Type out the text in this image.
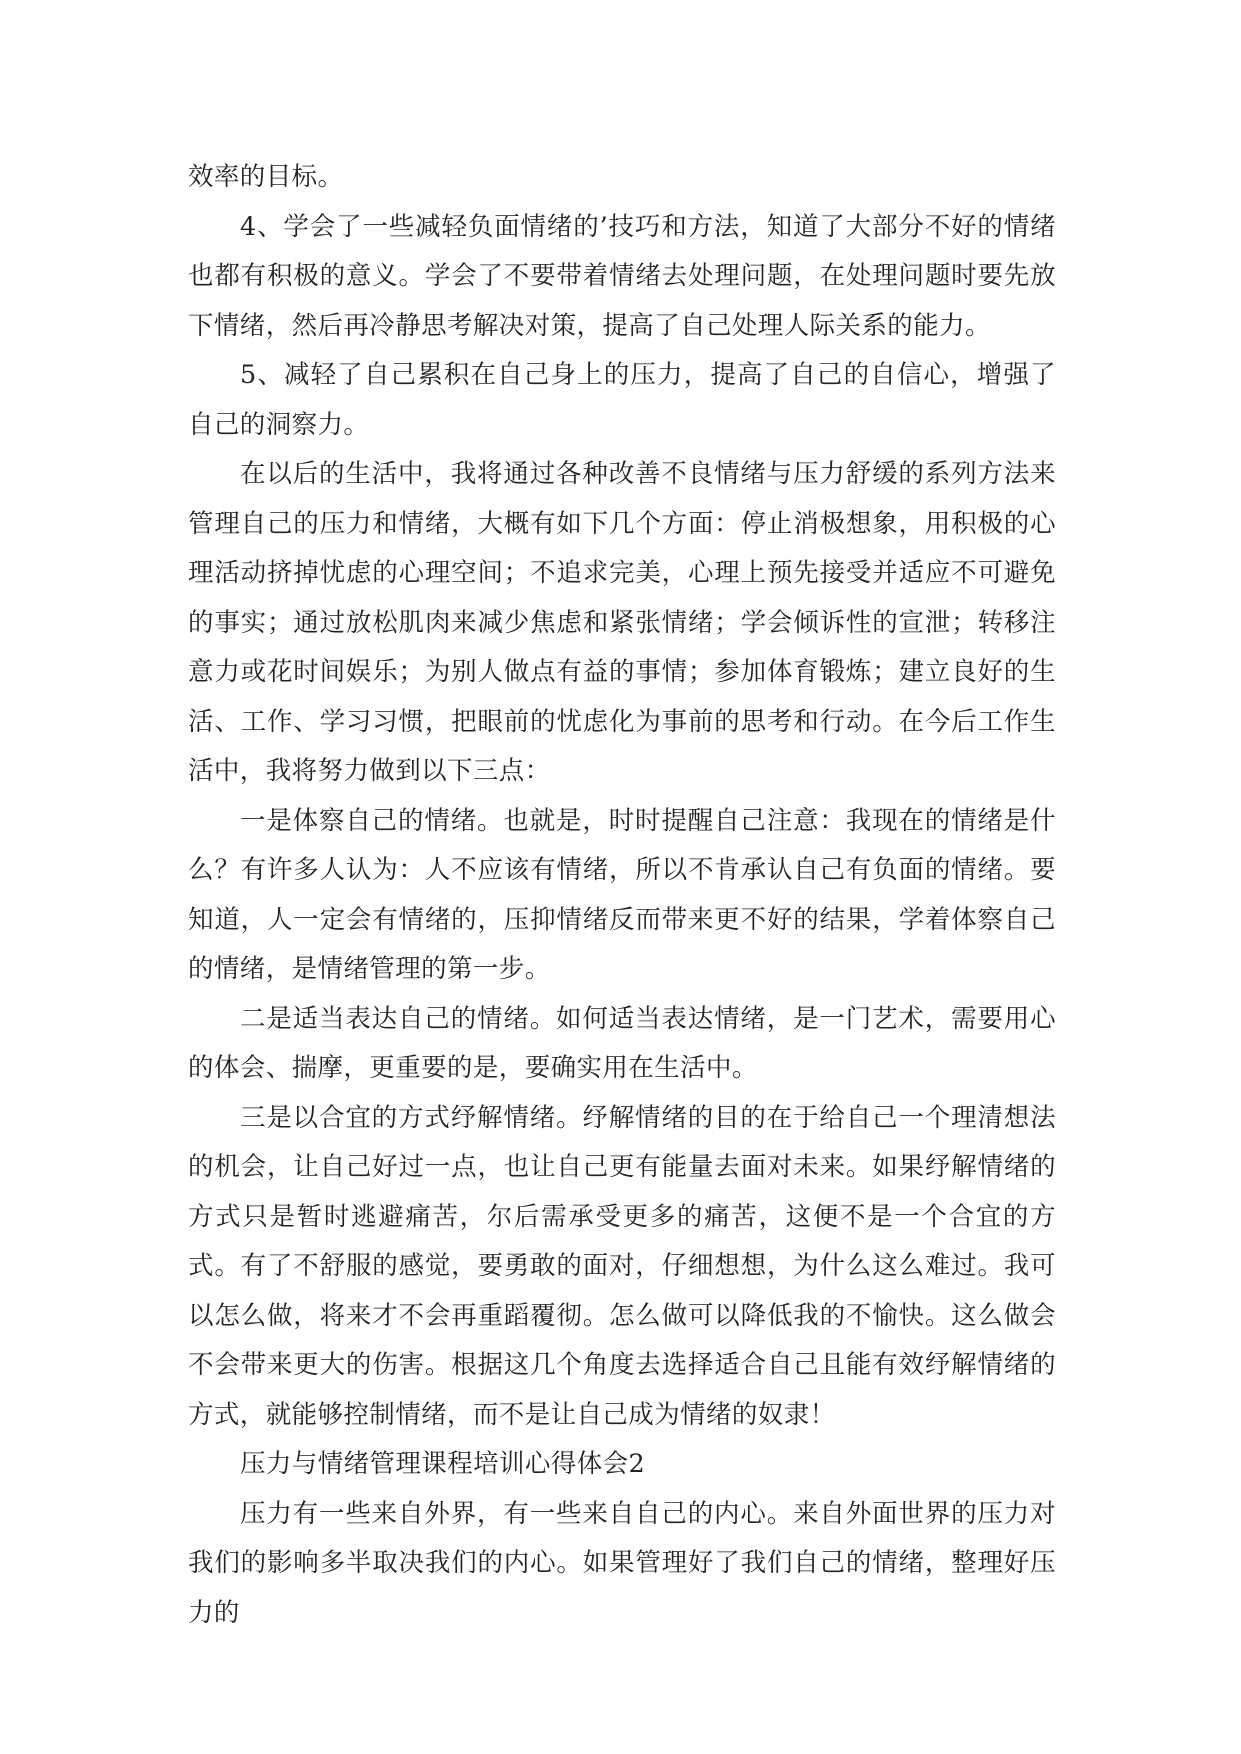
效率的目标。

4、学会了一些减轻负面情绪的’技巧和方法，知道了大部分不好的情绪也都有积极的意义。学会了不要带着情绪去处理问题，在处理问题时要先放下情绪，然后再冷静思考解决对策，提高了自己处理人际关系的能力。

5、减轻了自己累积在自己身上的压力，提高了自己的自信心，增强了自己的洞察力。

在以后的生活中，我将通过各种改善不良情绪与压力舒缓的系列方法来管理自己的压力和情绪，大概有如下几个方面：停止消极想象，用积极的心理活动挤掉忧虑的心理空间；不追求完美，心理上预先接受并适应不可避免的事实；通过放松肌肉来减少焦虑和紧张情绪；学会倾诉性的宣泄；转移注意力或花时间娱乐；为别人做点有益的事情；参加体育锻炼；建立良好的生活、工作、学习习惯，把眼前的忧虑化为事前的思考和行动。在今后工作生活中，我将努力做到以下三点：

一是体察自己的情绪。也就是，时时提醒自己注意：我现在的情绪是什么？有许多人认为：人不应该有情绪，所以不肯承认自己有负面的情绪。要知道，人一定会有情绪的，压抑情绪反而带来更不好的结果，学着体察自己的情绪，是情绪管理的第一步。

二是适当表达自己的情绪。如何适当表达情绪，是一门艺术，需要用心的体会、揣摩，更重要的是，要确实用在生活中。

三是以合宜的方式纾解情绪。纾解情绪的目的在于给自己一个理清想法的机会，让自己好过一点，也让自己更有能量去面对未来。如果纾解情绪的方式只是暂时逃避痛苦，尔后需承受更多的痛苦，这便不是一个合宜的方式。有了不舒服的感觉，要勇敢的面对，仔细想想，为什么这么难过。我可以怎么做，将来才不会再重蹈覆彻。怎么做可以降低我的不愉快。这么做会不会带来更大的伤害。根据这几个角度去选择适合自己且能有效纾解情绪的方式，就能够控制情绪，而不是让自己成为情绪的奴隶！

压力与情绪管理课程培训心得体会2

压力有一些来自外界，有一些来自自己的内心。来自外面世界的压力对我们的影响多半取决我们的内心。如果管理好了我们自己的情绪，整理好压力的
